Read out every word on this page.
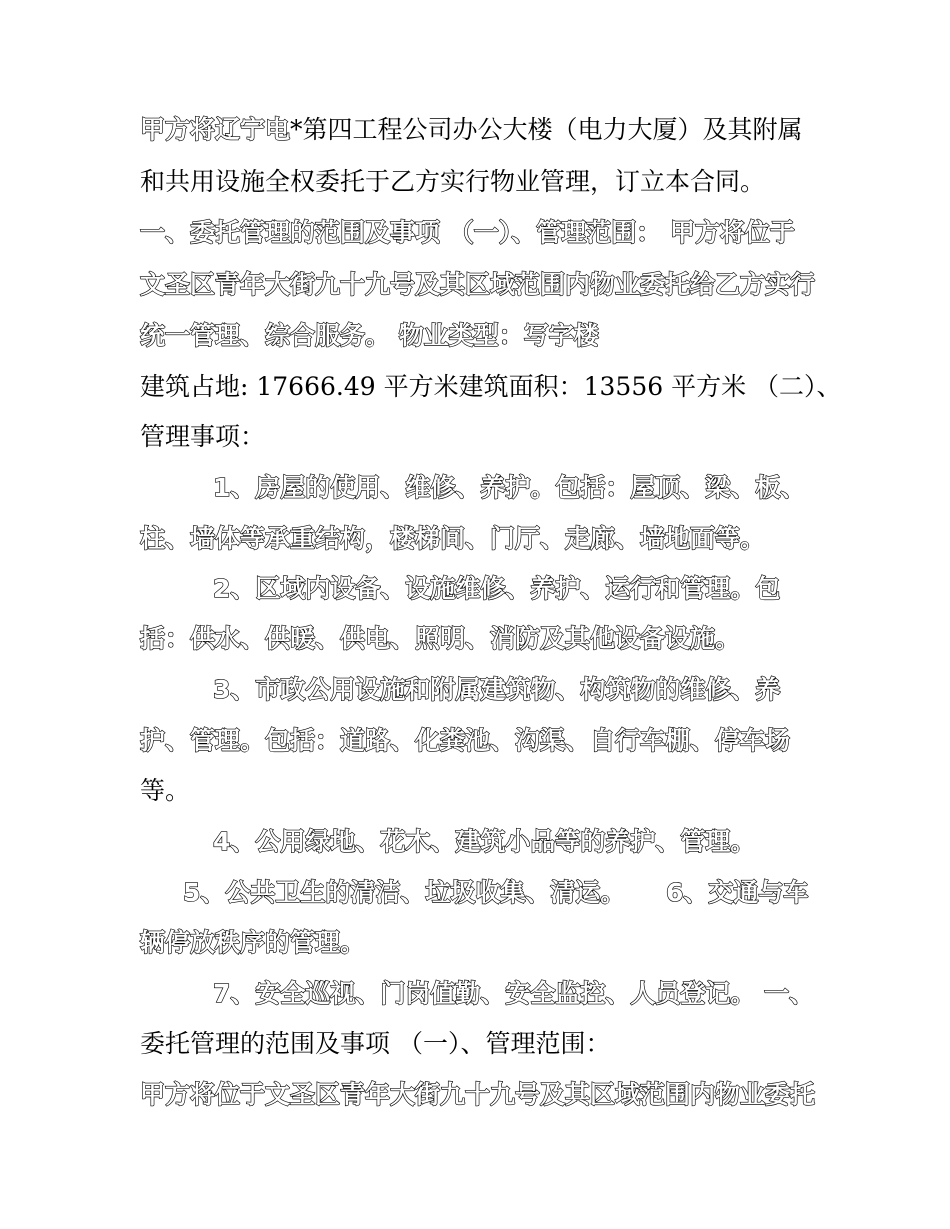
甲方将辽宁电*第四工程公司办公大楼（电力大厦）及其附属
和共用设施全权委托于乙方实行物业管理，订立本合同。
一、委托管理的范围及事项 （一）、管理范围： 甲方将位于
文圣区青年大街九十九号及其区域范围内物业委托给乙方实行
统一管理、综合服务。 物业类型：写字楼
建筑占地: 17666.49 平方米建筑面积：13556 平方米 （二）、
管理事项：
1、房屋的使用、维修、养护。包括：屋顶、梁、板、
柱、墙体等承重结构，楼梯间、门厅、走廊、墙地面等。
2、区域内设备、设施维修、养护、运行和管理。包
括：供水、供暖、供电、照明、消防及其他设备设施。
3、市政公用设施和附属建筑物、构筑物的维修、养
护、管理。包括：道路、化粪池、沟渠、自行车棚、停车场
等。
4、公用绿地、花木、建筑小品等的养护、管理。
5、公共卫生的清洁、垃圾收集、清运。 6、交通与车
辆停放秩序的管理。
7、安全巡视、门岗值勤、安全监控、人员登记。 一、
委托管理的范围及事项 （一）、管理范围：
甲方将位于文圣区青年大街九十九号及其区域范围内物业委托
